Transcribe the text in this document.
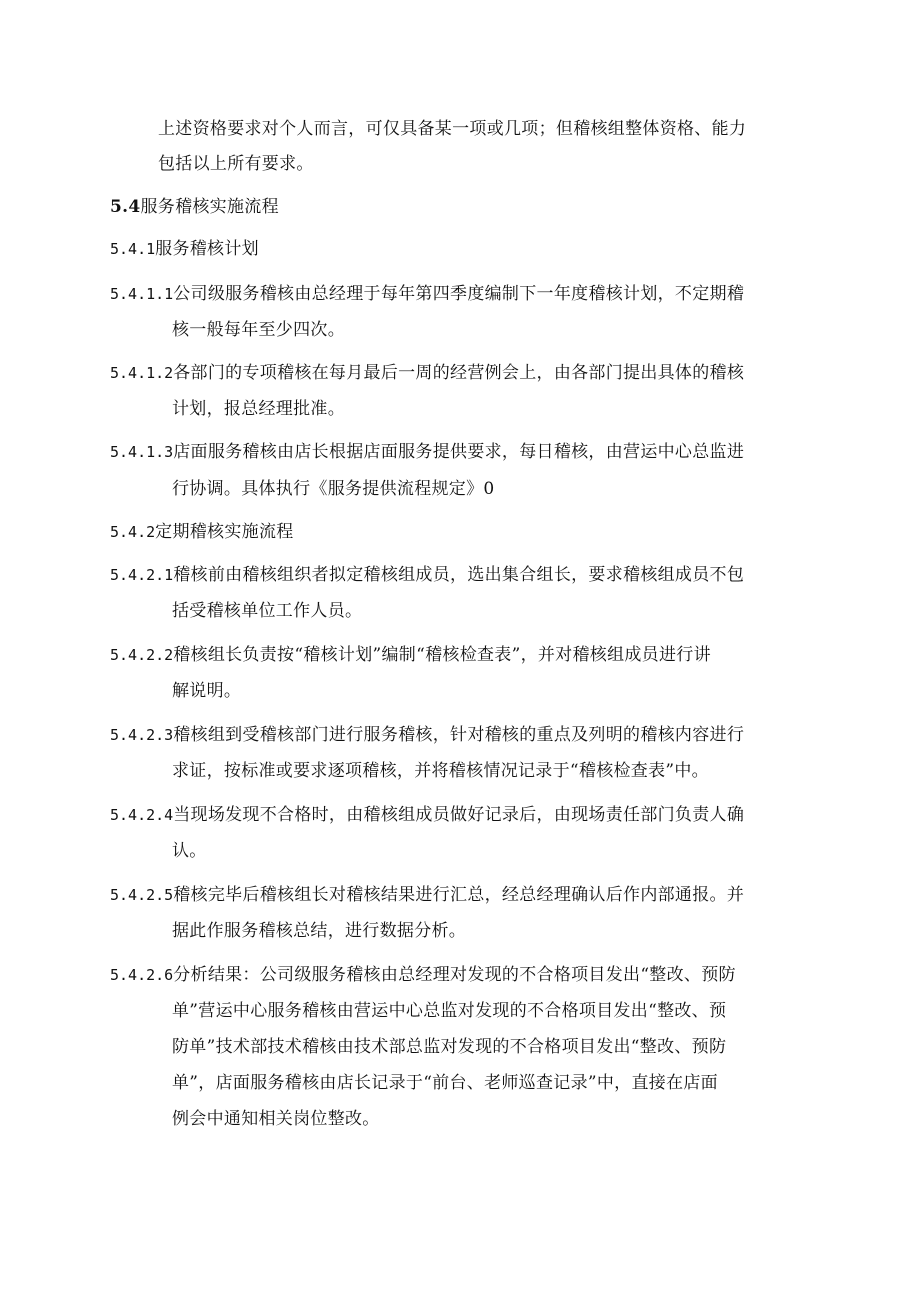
上述资格要求对个人而言，可仅具备某一项或几项；但稽核组整体资格、能力
包括以上所有要求。
5.4服务稽核实施流程
5.4.1服务稽核计划
5.4.1.1公司级服务稽核由总经理于每年第四季度编制下一年度稽核计划，不定期稽
核一般每年至少四次。
5.4.1.2各部门的专项稽核在每月最后一周的经营例会上，由各部门提出具体的稽核
计划，报总经理批准。
5.4.1.3店面服务稽核由店长根据店面服务提供要求，每日稽核，由营运中心总监进
行协调。具体执行《服务提供流程规定》0
5.4.2定期稽核实施流程
5.4.2.1稽核前由稽核组织者拟定稽核组成员，选出集合组长，要求稽核组成员不包
括受稽核单位工作人员。
5.4.2.2稽核组长负责按“稽核计划”编制“稽核检查表”，并对稽核组成员进行讲
解说明。
5.4.2.3稽核组到受稽核部门进行服务稽核，针对稽核的重点及列明的稽核内容进行
求证，按标准或要求逐项稽核，并将稽核情况记录于“稽核检查表”中。
5.4.2.4当现场发现不合格时，由稽核组成员做好记录后，由现场责任部门负责人确
认。
5.4.2.5稽核完毕后稽核组长对稽核结果进行汇总，经总经理确认后作内部通报。并
据此作服务稽核总结，进行数据分析。
5.4.2.6分析结果：公司级服务稽核由总经理对发现的不合格项目发出“整改、预防
单”营运中心服务稽核由营运中心总监对发现的不合格项目发出“整改、预
防单”技术部技术稽核由技术部总监对发现的不合格项目发出“整改、预防
单”，店面服务稽核由店长记录于“前台、老师巡查记录”中，直接在店面
例会中通知相关岗位整改。
